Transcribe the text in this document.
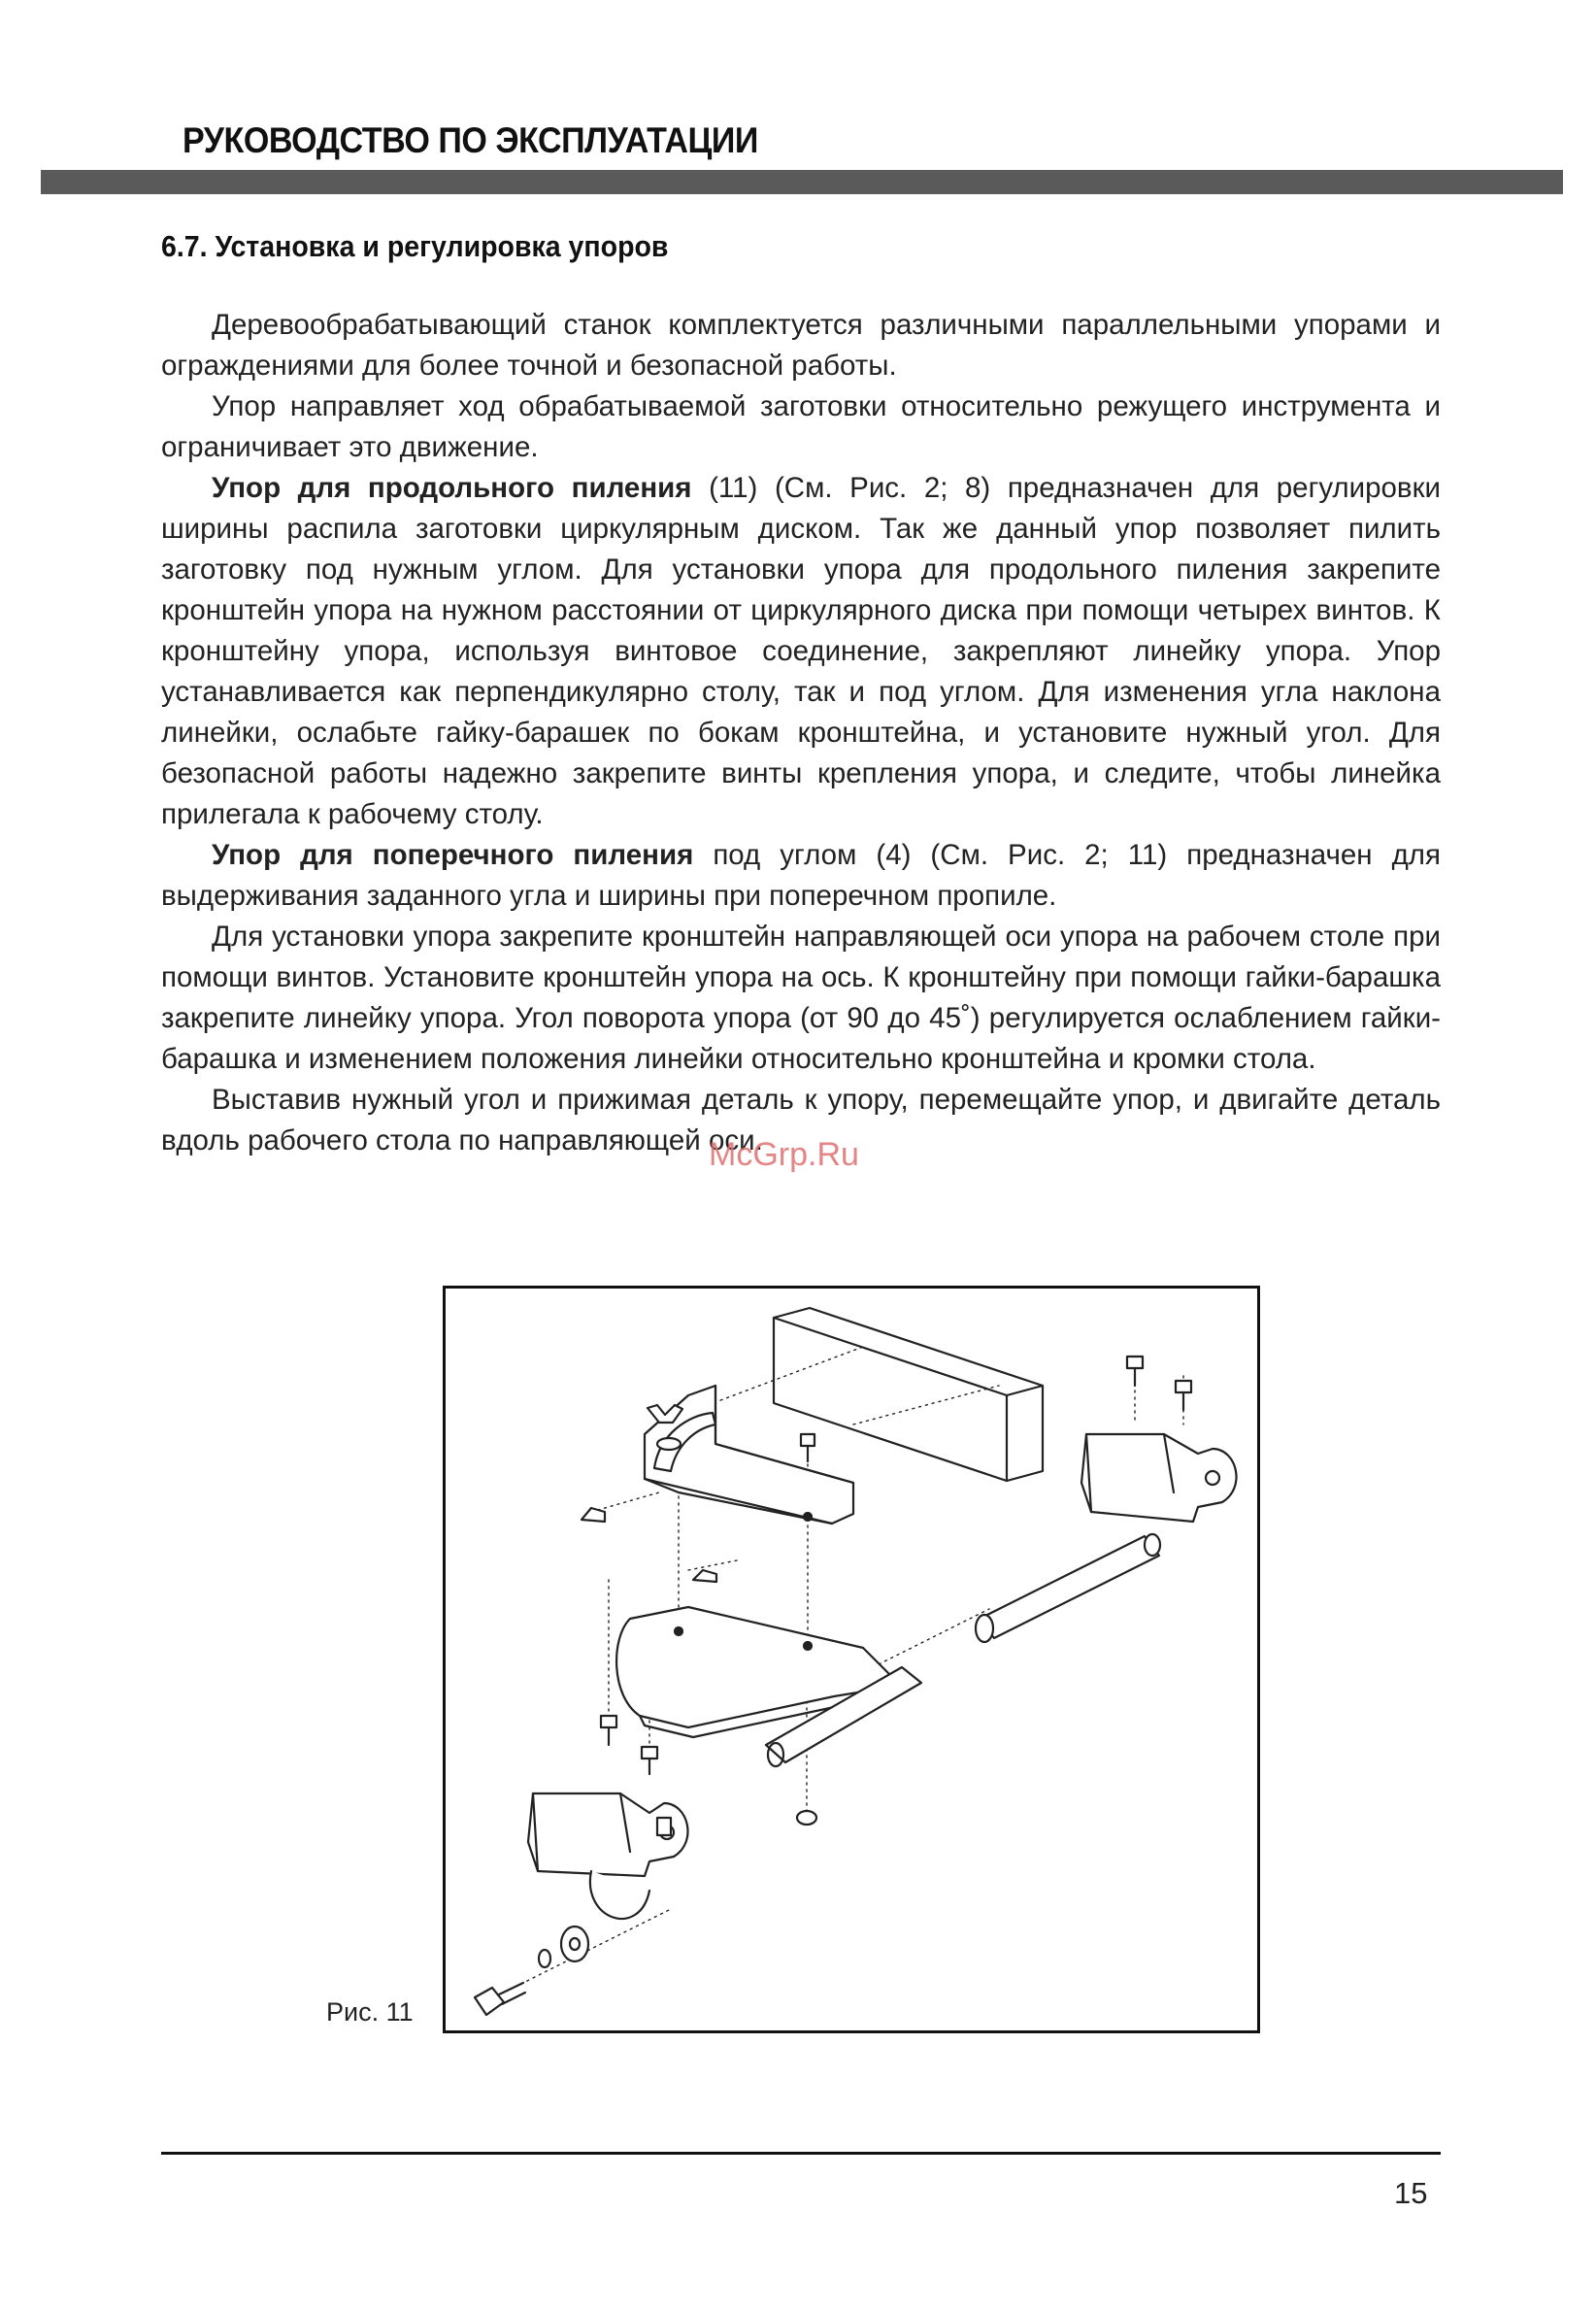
РУКОВОДСТВО ПО ЭКСПЛУАТАЦИИ
6.7. Установка и регулировка упоров

Деревообрабатывающий станок комплектуется различными параллельными упорами и ограждениями для более точной и безопасной работы.

Упор направляет ход обрабатываемой заготовки относительно режущего инструмента и ограничивает это движение.

Упор для продольного пиления (11) (См. Рис. 2; 8) предназначен для регулировки ширины распила заготовки циркулярным диском. Так же данный упор позволяет пилить заготовку под нужным углом. Для установки упора для продольного пиления закрепите кронштейн упора на нужном расстоянии от циркулярного диска при помощи четырех винтов. К кронштейну упора, используя винтовое соединение, закрепляют линейку упора. Упор устанавливается как перпендикулярно столу, так и под углом. Для изменения угла наклона линейки, ослабьте гайку-барашек по бокам кронштейна, и установите нужный угол. Для безопасной работы надежно закрепите винты крепления упора, и следите, чтобы линейка прилегала к рабочему столу.

Упор для поперечного пиления под углом (4) (См. Рис. 2; 11) предназначен для выдерживания заданного угла и ширины при поперечном пропиле.

Для установки упора закрепите кронштейн направляющей оси упора на рабочем столе при помощи винтов. Установите кронштейн упора на ось. К кронштейну при помощи гайки-барашка закрепите линейку упора. Угол поворота упора (от 90 до 45˚) регулируется ослаблением гайки-барашка и изменением положения линейки относительно кронштейна и кромки стола.

Выставив нужный угол и прижимая деталь к упору, перемещайте упор, и двигайте деталь вдоль рабочего стола по направляющей оси.

McGrp.Ru
Рис. 11
15
